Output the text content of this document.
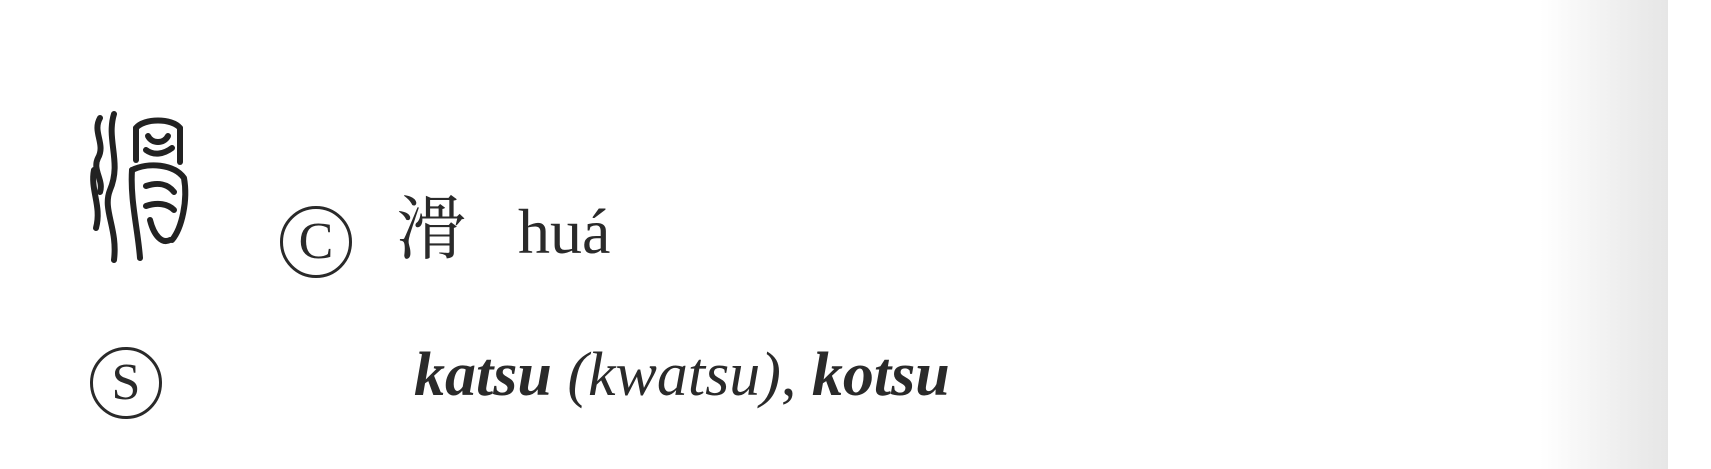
C 滑 huá
S	katsu (kwatsu), kotsu
